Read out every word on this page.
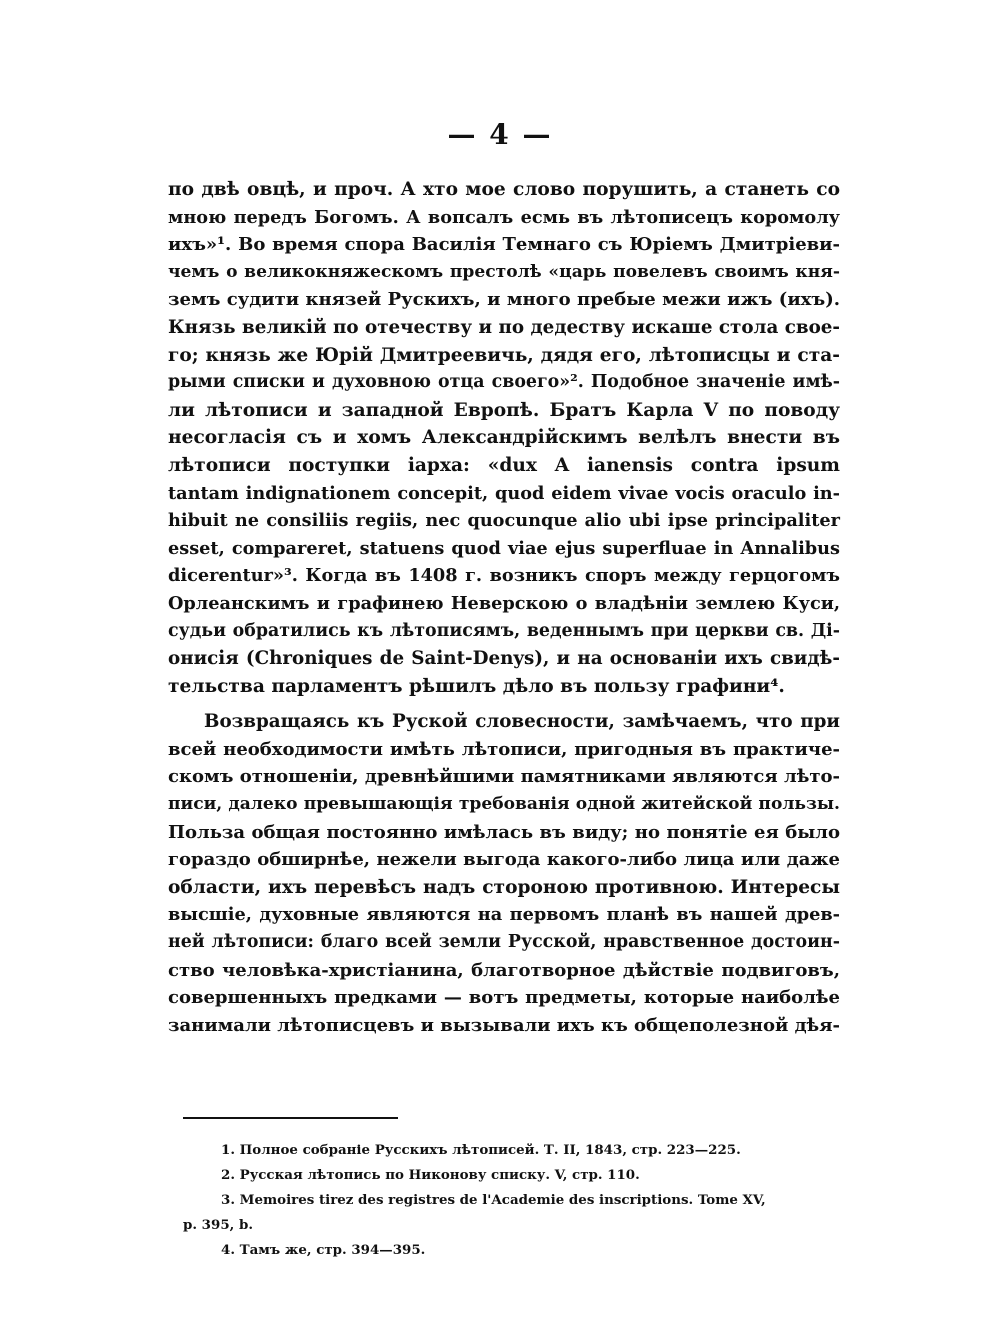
— 4 —
по двѣ овцѣ, и проч. А хто мое слово порушить, а станеть со
мною передъ Богомъ. А вопсалъ есмь въ лѣтописецъ коромолу
ихъ»¹. Во время спора Василія Темнаго съ Юріемъ Дмитріеви-
чемъ о великокняжескомъ престолѣ «царь повелевъ своимъ кня-
земъ судити князей Рускихъ, и много пребые межи ижъ (ихъ).
Князь великій по отечеству и по дедеству искаше стола свое-
го; князь же Юрій Дмитреевичь, дядя его, лѣтописцы и ста-
рыми списки и духовною отца своего»². Подобное значеніе имѣ-
ли лѣтописи и западной Европѣ. Братъ Карла V по поводу
несогласія съ и хомъ Александрійскимъ велѣлъ внести въ
лѣтописи поступки іарха: «dux A ianensis contra ipsum
tantam indignationem concepit, quod eidem vivae vocis oraculo in-
hibuit ne consiliis regiis, nec quocunque alio ubi ipse principaliter
esset, compareret, statuens quod viae ejus superfluae in Annalibus
dicerentur»³. Когда въ 1408 г. возникъ споръ между герцогомъ
Орлеанскимъ и графинею Неверскою о владѣніи землею Куси,
судьи обратились къ лѣтописямъ, веденнымъ при церкви св. Ді-
онисія (Chroniques de Saint-Denys), и на основаніи ихъ свидѣ-
тельства парламентъ рѣшилъ дѣло въ пользу графини⁴.
Возвращаясь къ Руской словесности, замѣчаемъ, что при
всей необходимости имѣть лѣтописи, пригодныя въ практиче-
скомъ отношеніи, древнѣйшими памятниками являются лѣто-
писи, далеко превышающія требованія одной житейской пользы.
Польза общая постоянно имѣлась въ виду; но понятіе ея было
гораздо обширнѣе, нежели выгода какого-либо лица или даже
области, ихъ перевѣсъ надъ стороною противною. Интересы
высшіе, духовные являются на первомъ планѣ въ нашей древ-
ней лѣтописи: благо всей земли Русской, нравственное достоин-
ство человѣка-христіанина, благотворное дѣйствіе подвиговъ,
совершенныхъ предками — вотъ предметы, которые наиболѣе
занимали лѣтописцевъ и вызывали ихъ къ общеполезной дѣя-
1. Полное собраніе Русскихъ лѣтописей. Т. II, 1843, стр. 223—225.
2. Русская лѣтопись по Никонову списку. V, стр. 110.
3. Memoires tirez des registres de l'Academie des inscriptions. Tome XV,
p. 395, b.
4. Тамъ же, стр. 394—395.
